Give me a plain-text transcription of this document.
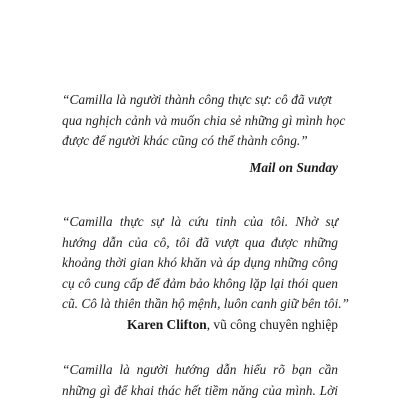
“Camilla là người thành công thực sự: cô đã vượt
qua nghịch cảnh và muốn chia sẻ những gì mình học
được để người khác cũng có thể thành công.”
Mail on Sunday
“Camilla thực sự là cứu tinh của tôi. Nhờ sự
hướng dẫn của cô, tôi đã vượt qua được những
khoảng thời gian khó khăn và áp dụng những công
cụ cô cung cấp để đảm bảo không lặp lại thói quen
cũ. Cô là thiên thần hộ mệnh, luôn canh giữ bên tôi.”
Karen Clifton, vũ công chuyên nghiệp
“Camilla là người hướng dẫn hiểu rõ bạn cần
những gì để khai thác hết tiềm năng của mình. Lời
